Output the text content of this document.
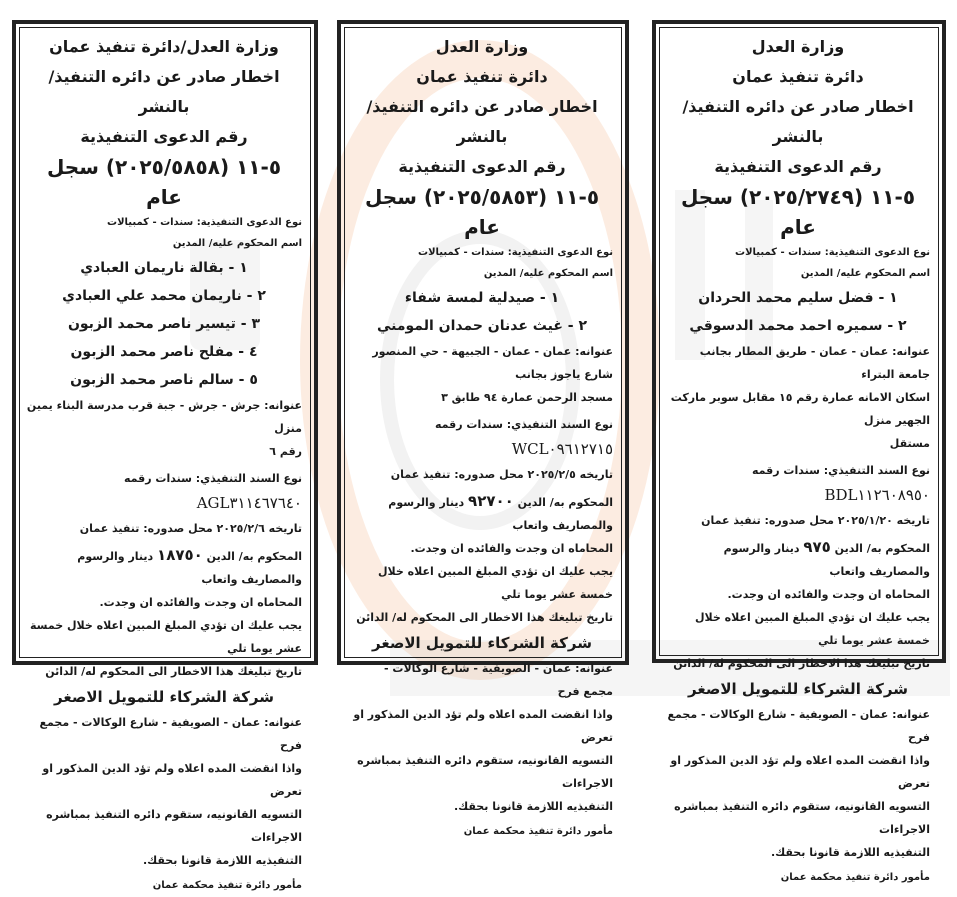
وزارة العدل
دائرة تنفيذ عمان
اخطار صادر عن دائره التنفيذ/ بالنشر
رقم الدعوى التنفيذية
٥-١١ (٢٠٢٥/٢٧٤٩) سجل عام
نوع الدعوى التنفيذية: سندات - كمبيالات
اسم المحكوم عليه/ المدين
١ - فضل سليم محمد الحردان
٢ - سميره احمد محمد الدسوقي
عنوانه: عمان - عمان - طريق المطار بجانب جامعة البتراء
اسكان الامانه عمارة رقم ١٥ مقابل سوبر ماركت الجهير منزل
مستقل
نوع السند التنفيذي: سندات رقمه BDL١١٢٦٠٨٩٥٠
تاريخه ٢٠٢٥/١/٢٠ محل صدوره: تنفيذ عمان
المحكوم به/ الدين ٩٧٥ دينار والرسوم والمصاريف واتعاب
المحاماه ان وجدت والفائده ان وجدت.
يجب عليك ان تؤدي المبلغ المبين اعلاه خلال خمسة عشر يوما تلي
تاريخ تبليغك هذا الاخطار الى المحكوم له/ الدائن
شركة الشركاء للتمويل الاصغر
عنوانه: عمان - الصويفية - شارع الوكالات - مجمع فرح
واذا انقضت المده اعلاه ولم تؤد الدين المذكور او تعرض
التسويه القانونيه، ستقوم دائره التنفيذ بمباشره الاجراءات
التنفيذيه اللازمة قانونا بحقك.
مأمور دائرة تنفيذ محكمة عمان
وزارة العدل
دائرة تنفيذ عمان
اخطار صادر عن دائره التنفيذ/ بالنشر
رقم الدعوى التنفيذية
٥-١١ (٢٠٢٥/٥٨٥٣) سجل عام
نوع الدعوى التنفيذية: سندات - كمبيالات
اسم المحكوم عليه/ المدين
١ - صيدلية لمسة شفاء
٢ - غيث عدنان حمدان المومني
عنوانه: عمان - عمان - الجبيهة - حي المنصور شارع ياجوز بجانب
مسجد الرحمن عمارة ٩٤ طابق ٣
نوع السند التنفيذي: سندات رقمه WCL٠٩٦١٢٧١٥
تاريخه ٢٠٢٥/٢/٥ محل صدوره: تنفيذ عمان
المحكوم به/ الدين ٩٢٧٠٠ دينار والرسوم والمصاريف واتعاب
المحاماه ان وجدت والفائده ان وجدت.
يجب عليك ان تؤدي المبلغ المبين اعلاه خلال خمسة عشر يوما تلي
تاريخ تبليغك هذا الاخطار الى المحكوم له/ الدائن
شركة الشركاء للتمويل الاصغر
عنوانه: عمان - الصويفية - شارع الوكالات - مجمع فرح
واذا انقضت المده اعلاه ولم تؤد الدين المذكور او تعرض
التسويه القانونيه، ستقوم دائره التنفيذ بمباشره الاجراءات
التنفيذيه اللازمة قانونا بحقك.
مأمور دائرة تنفيذ محكمة عمان
وزارة العدل/دائرة تنفيذ عمان
اخطار صادر عن دائره التنفيذ/ بالنشر
رقم الدعوى التنفيذية
٥-١١ (٢٠٢٥/٥٨٥٨) سجل عام
نوع الدعوى التنفيذية: سندات - كمبيالات
اسم المحكوم عليه/ المدين
١ - بقالة ناريمان العبادي
٢ - ناريمان محمد علي العبادي
٣ - تيسير ناصر محمد الزبون
٤ - مفلح ناصر محمد الزبون
٥ - سالم ناصر محمد الزبون
عنوانه: جرش - جرش - جبة قرب مدرسة البناء يمين منزل
رقم ٦
نوع السند التنفيذي: سندات رقمه AGL٣١١٤٦٧٦٤٠
تاريخه ٢٠٢٥/٢/٦ محل صدوره: تنفيذ عمان
المحكوم به/ الدين ١٨٧٥٠ دينار والرسوم والمصاريف واتعاب
المحاماه ان وجدت والفائده ان وجدت.
يجب عليك ان تؤدي المبلغ المبين اعلاه خلال خمسة عشر يوما تلي
تاريخ تبليغك هذا الاخطار الى المحكوم له/ الدائن
شركة الشركاء للتمويل الاصغر
عنوانه: عمان - الصويفية - شارع الوكالات - مجمع فرح
واذا انقضت المده اعلاه ولم تؤد الدين المذكور او تعرض
التسويه القانونيه، ستقوم دائره التنفيذ بمباشره الاجراءات
التنفيذيه اللازمة قانونا بحقك.
مأمور دائرة تنفيذ محكمة عمان
